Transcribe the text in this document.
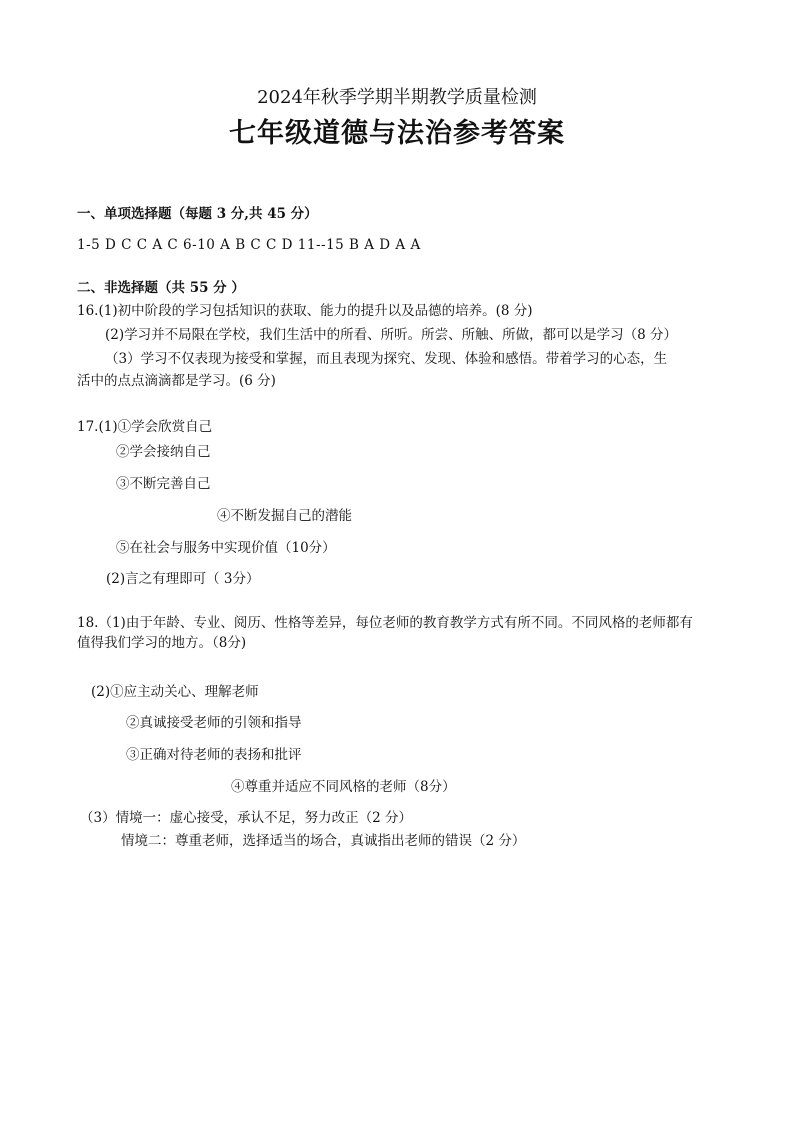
2024年秋季学期半期教学质量检测
七年级道德与法治参考答案
一、单项选择题（每题 3 分,共 45 分）
1-5 D C C A C 6-10 A B C C D 11--15 B A D A A
二、非选择题（共 55 分 ）
16.(1)初中阶段的学习包括知识的获取、能力的提升以及品德的培养。(8 分)
(2)学习并不局限在学校，我们生活中的所看、所听。所尝、所触、所做，都可以是学习（8 分）
（3）学习不仅表现为接受和掌握，而且表现为探究、发现、体验和感悟。带着学习的心态，生
活中的点点滴滴都是学习。(6 分)
17.(1)①学会欣赏自己
②学会接纳自己
③不断完善自己
④不断发掘自己的潜能
⑤在社会与服务中实现价值（10分）
(2)言之有理即可（ 3分）
18.（1)由于年龄、专业、阅历、性格等差异，每位老师的教育教学方式有所不同。不同风格的老师都有
值得我们学习的地方。（8分)
(2)①应主动关心、理解老师
②真诚接受老师的引领和指导
③正确对待老师的表扬和批评
④尊重并适应不同风格的老师（8分）
（3）情境一：虚心接受，承认不足，努力改正（2 分）
情境二：尊重老师，选择适当的场合，真诚指出老师的错误（2 分）
